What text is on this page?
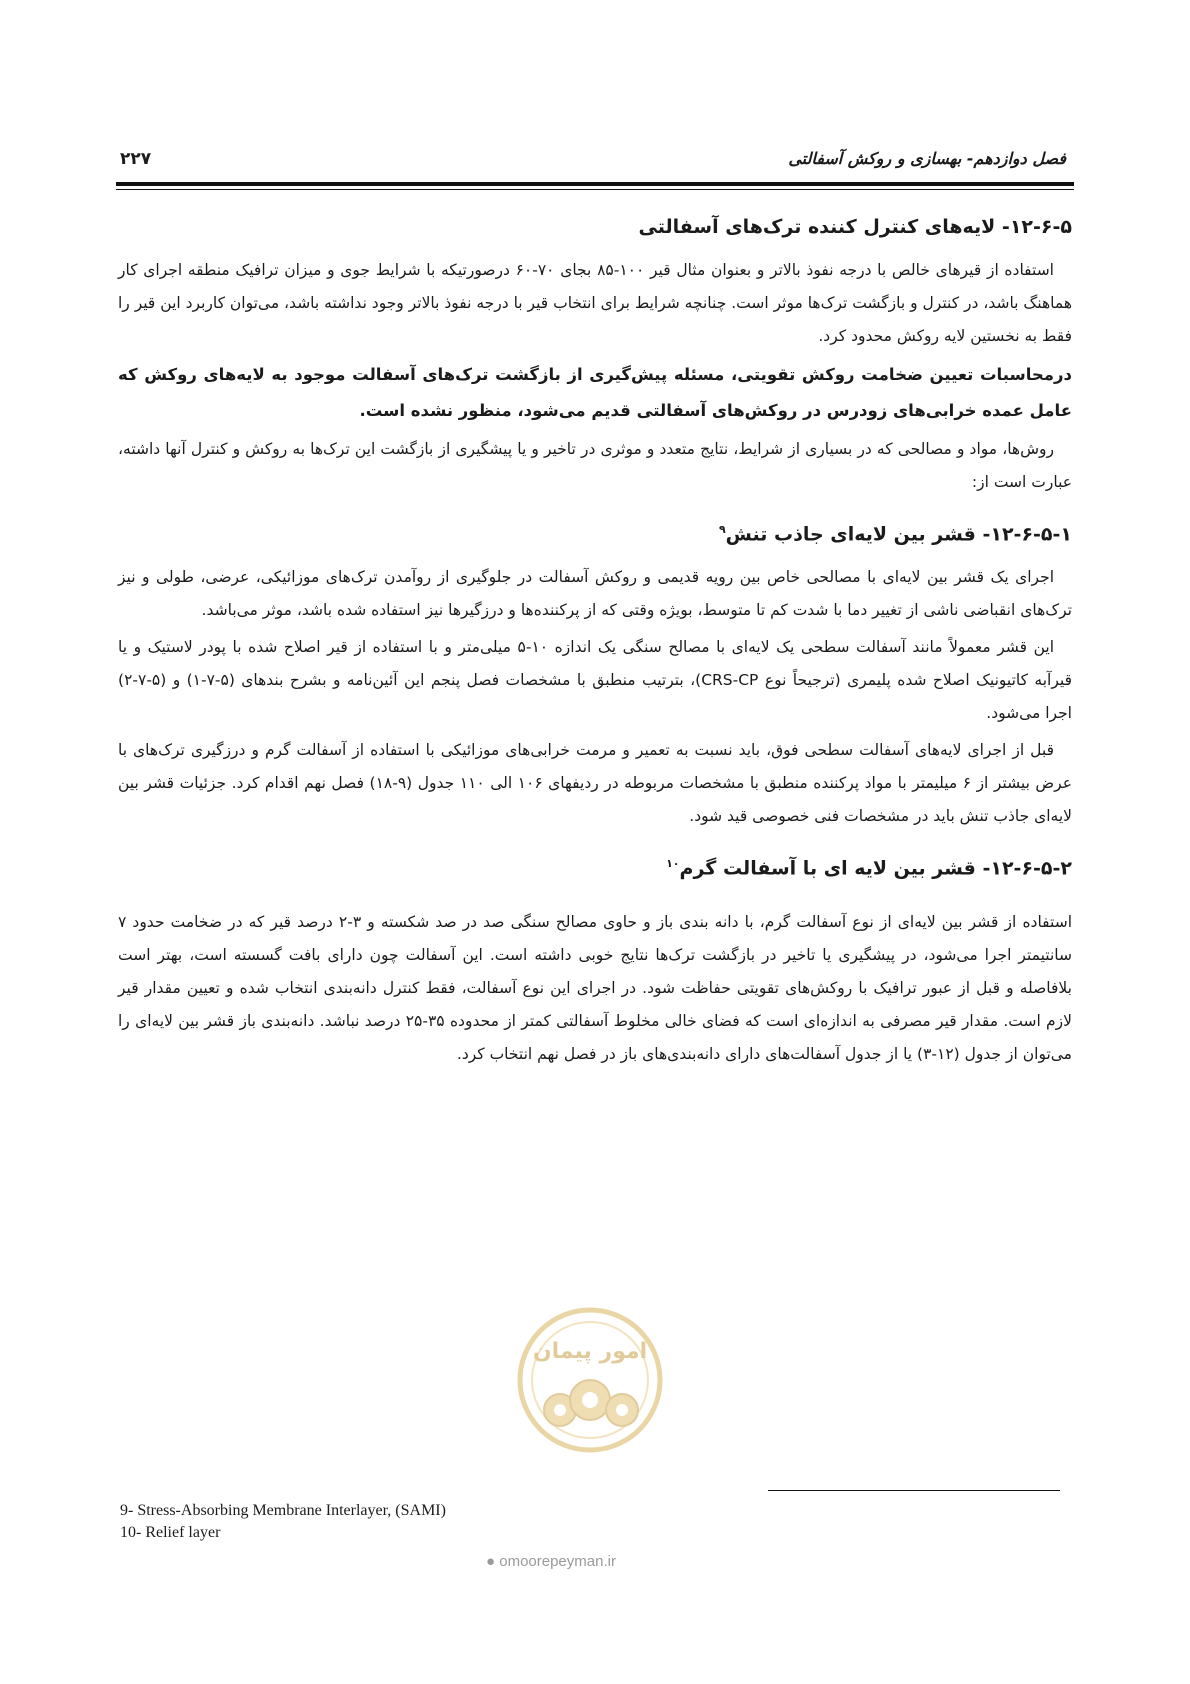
فصل دوازدهم- بهسازی و روکش آسفالتی
۲۲۷
۱۲-۶-۵- لایه‌های کنترل کننده ترک‌های آسفالتی

استفاده از قیرهای خالص با درجه نفوذ بالاتر و بعنوان مثال قیر ۱۰۰-۸۵ بجای ۷۰-۶۰ درصورتیکه با شرایط جوی و میزان ترافیک منطقه اجرای کار هماهنگ باشد، در کنترل و بازگشت ترک‌ها موثر است. چنانچه شرایط برای انتخاب قیر با درجه نفوذ بالاتر وجود نداشته باشد، می‌توان کاربرد این قیر را فقط به نخستین لایه روکش محدود کرد.

درمحاسبات تعیین ضخامت روکش تقویتی، مسئله پیش‌گیری از بازگشت ترک‌های آسفالت موجود به لایه‌های روکش که عامل عمده خرابی‌های زودرس در روکش‌های آسفالتی قدیم می‌شود، منظور نشده است.

روش‌ها، مواد و مصالحی که در بسیاری از شرایط، نتایج متعدد و موثری در تاخیر و یا پیشگیری از بازگشت این ترک‌ها به روکش و کنترل آنها داشته، عبارت است از:

۱۲-۶-۵-۱- قشر بین لایه‌ای جاذب تنش$^۹$

اجرای یک قشر بین لایه‌ای با مصالحی خاص بین رویه قدیمی و روکش آسفالت در جلوگیری از روآمدن ترک‌های موزائیکی، عرضی، طولی و نیز ترک‌های انقباضی ناشی از تغییر دما با شدت کم تا متوسط، بویژه وقتی که از پرکننده‌ها و درزگیرها نیز استفاده شده باشد، موثر می‌باشد.

این قشر معمولاً مانند آسفالت سطحی یک لایه‌ای با مصالح سنگی یک اندازه ۱۰-۵ میلی‌متر و با استفاده از قیر اصلاح شده با پودر لاستیک و یا قیرآبه کاتیونیک اصلاح شده پلیمری (ترجیحاً نوع CRS-CP)، بترتیب منطبق با مشخصات فصل پنجم این آئین‌نامه و بشرح بندهای (۵-۷-۱) و (۵-۷-۲) اجرا می‌شود.

قبل از اجرای لایه‌های آسفالت سطحی فوق، باید نسبت به تعمیر و مرمت خرابی‌های موزائیکی با استفاده از آسفالت گرم و درزگیری ترک‌های با عرض بیشتر از ۶ میلیمتر با مواد پرکننده منطبق با مشخصات مربوطه در ردیفهای ۱۰۶ الی ۱۱۰ جدول (۹-۱۸) فصل نهم اقدام کرد. جزئیات قشر بین لایه‌ای جاذب تنش باید در مشخصات فنی خصوصی قید شود.

۱۲-۶-۵-۲- قشر بین لایه ای با آسفالت گرم$^{۱۰}$

استفاده از قشر بین لایه‌ای از نوع آسفالت گرم، با دانه بندی باز و حاوی مصالح سنگی صد در صد شکسته و ۳-۲ درصد قیر که در ضخامت حدود ۷ سانتیمتر اجرا می‌شود، در پیشگیری یا تاخیر در بازگشت ترک‌ها نتایج خوبی داشته است. این آسفالت چون دارای بافت گسسته است، بهتر است بلافاصله و قبل از عبور ترافیک با روکش‌های تقویتی حفاظت شود. در اجرای این نوع آسفالت، فقط کنترل دانه‌بندی انتخاب شده و تعیین مقدار قیر لازم است. مقدار قیر مصرفی به اندازه‌ای است که فضای خالی مخلوط آسفالتی کمتر از محدوده ۳۵-۲۵ درصد نباشد. دانه‌بندی باز قشر بین لایه‌ای را می‌توان از جدول (۱۲-۳) یا از جدول آسفالت‌های دارای دانه‌بندی‌های باز در فصل نهم انتخاب کرد.

امور پیمان
9- Stress-Absorbing Membrane Interlayer, (SAMI)
10- Relief layer
● omoorepeyman.ir
